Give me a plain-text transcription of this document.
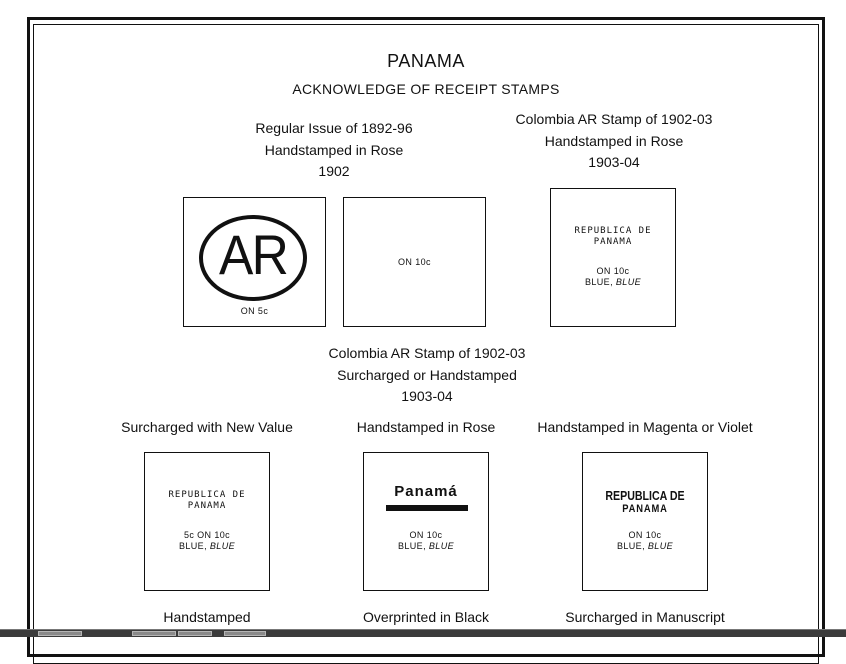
PANAMA
ACKNOWLEDGE OF RECEIPT STAMPS
Regular Issue of 1892-96
Handstamped in Rose
1902
Colombia AR Stamp of 1902-03
Handstamped in Rose
1903-04
AR
ON 5c
ON 10c
REPUBLICA DE
PANAMA
ON 10c
BLUE, BLUE
Colombia AR Stamp of 1902-03
Surcharged or Handstamped
1903-04
Surcharged with New Value	Handstamped in Rose	Handstamped in Magenta or Violet
REPUBLICA DE
PANAMA
5c ON 10c
BLUE, BLUE
Panamá
ON 10c
BLUE, BLUE
REPUBLICA DE
PANAMA
ON 10c
BLUE, BLUE
Handstamped	Overprinted in Black	Surcharged in Manuscript
